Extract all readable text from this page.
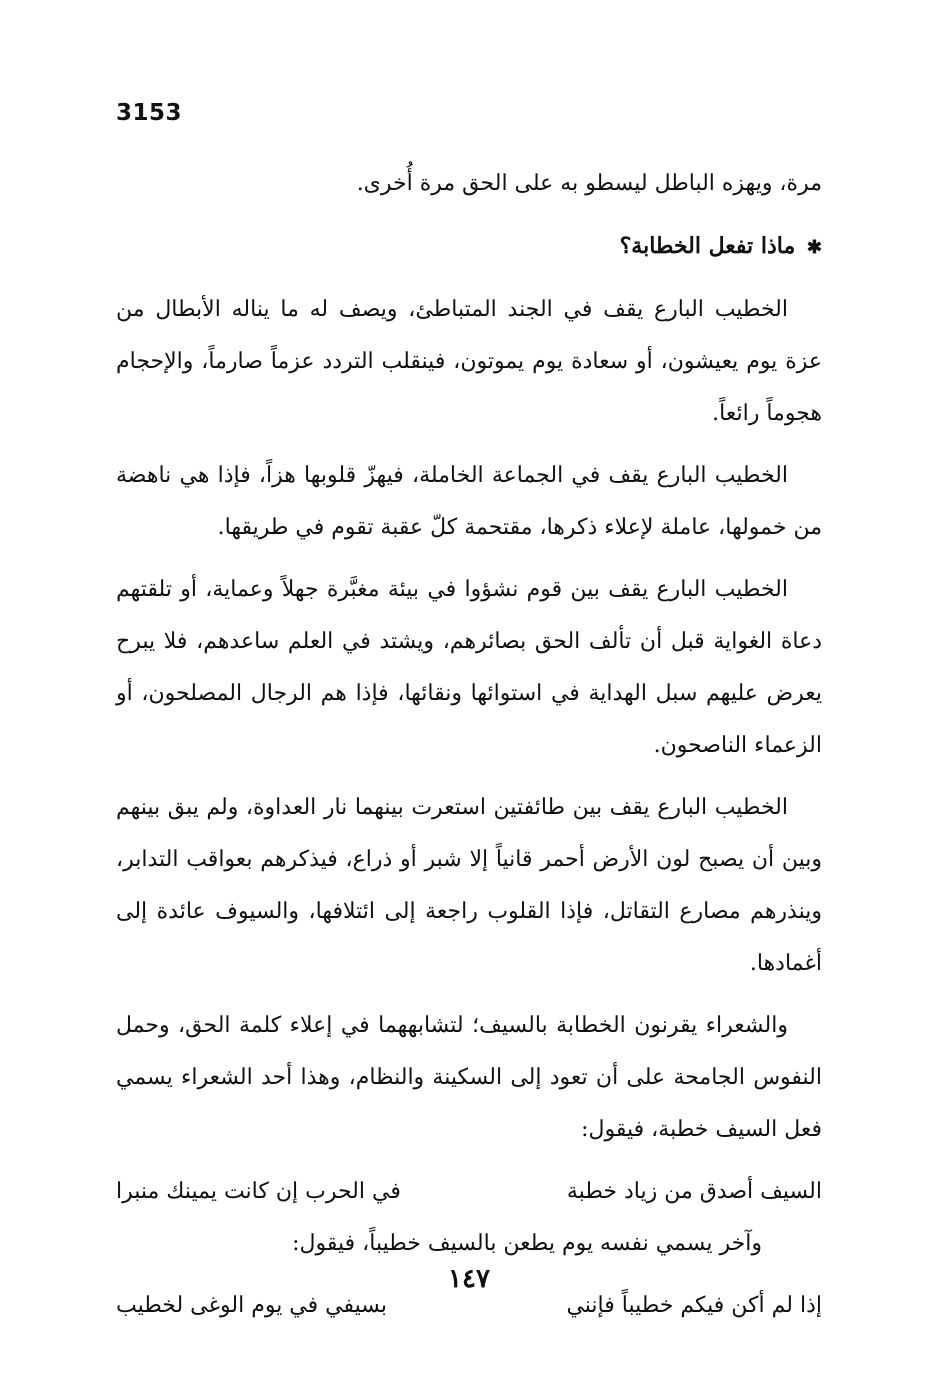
3153

مرة، ويهزه الباطل ليسطو به على الحق مرة أُخرى.

✱ ماذا تفعل الخطابة؟

الخطيب البارع يقف في الجند المتباطئ، ويصف له ما يناله الأبطال من عزة يوم يعيشون، أو سعادة يوم يموتون، فينقلب التردد عزماً صارماً، والإحجام هجوماً رائعاً.

الخطيب البارع يقف في الجماعة الخاملة، فيهزّ قلوبها هزاً، فإذا هي ناهضة من خمولها، عاملة لإعلاء ذكرها، مقتحمة كلّ عقبة تقوم في طريقها.

الخطيب البارع يقف بين قوم نشؤوا في بيئة مغبَّرة جهلاً وعماية، أو تلقتهم دعاة الغواية قبل أن تألف الحق بصائرهم، ويشتد في العلم ساعدهم، فلا يبرح يعرض عليهم سبل الهداية في استوائها ونقائها، فإذا هم الرجال المصلحون، أو الزعماء الناصحون.

الخطيب البارع يقف بين طائفتين استعرت بينهما نار العداوة، ولم يبق بينهم وبين أن يصبح لون الأرض أحمر قانياً إلا شبر أو ذراع، فيذكرهم بعواقب التدابر، وينذرهم مصارع التقاتل، فإذا القلوب راجعة إلى ائتلافها، والسيوف عائدة إلى أغمادها.

والشعراء يقرنون الخطابة بالسيف؛ لتشابههما في إعلاء كلمة الحق، وحمل النفوس الجامحة على أن تعود إلى السكينة والنظام، وهذا أحد الشعراء يسمي فعل السيف خطبة، فيقول:

السيف أصدق من زياد خطبة
في الحرب إن كانت يمينك منبرا

وآخر يسمي نفسه يوم يطعن بالسيف خطيباً، فيقول:

إذا لم أكن فيكم خطيباً فإنني
بسيفي في يوم الوغى لخطيب
١٤٧
